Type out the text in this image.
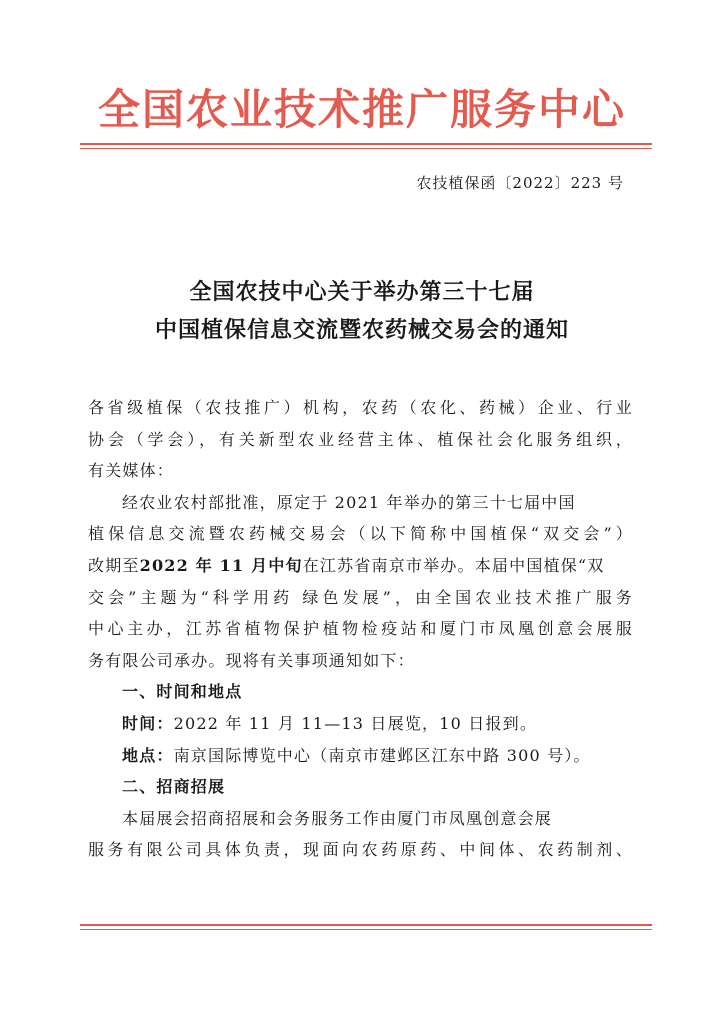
全国农业技术推广服务中心
农技植保函〔2022〕223 号
全国农技中心关于举办第三十七届
中国植保信息交流暨农药械交易会的通知
各省级植保（农技推广）机构，农药（农化、药械）企业、行业
协会（学会），有关新型农业经营主体、植保社会化服务组织，
有关媒体：
经农业农村部批准，原定于 2021 年举办的第三十七届中国
植保信息交流暨农药械交易会（以下简称中国植保“双交会”）
改期至2022 年 11 月中旬在江苏省南京市举办。本届中国植保“双
交会”主题为“科学用药 绿色发展”，由全国农业技术推广服务
中心主办，江苏省植物保护植物检疫站和厦门市凤凰创意会展服
务有限公司承办。现将有关事项通知如下：
一、时间和地点
时间：2022 年 11 月 11—13 日展览，10 日报到。
地点：南京国际博览中心（南京市建邺区江东中路 300 号）。
二、招商招展
本届展会招商招展和会务服务工作由厦门市凤凰创意会展
服务有限公司具体负责，现面向农药原药、中间体、农药制剂、
